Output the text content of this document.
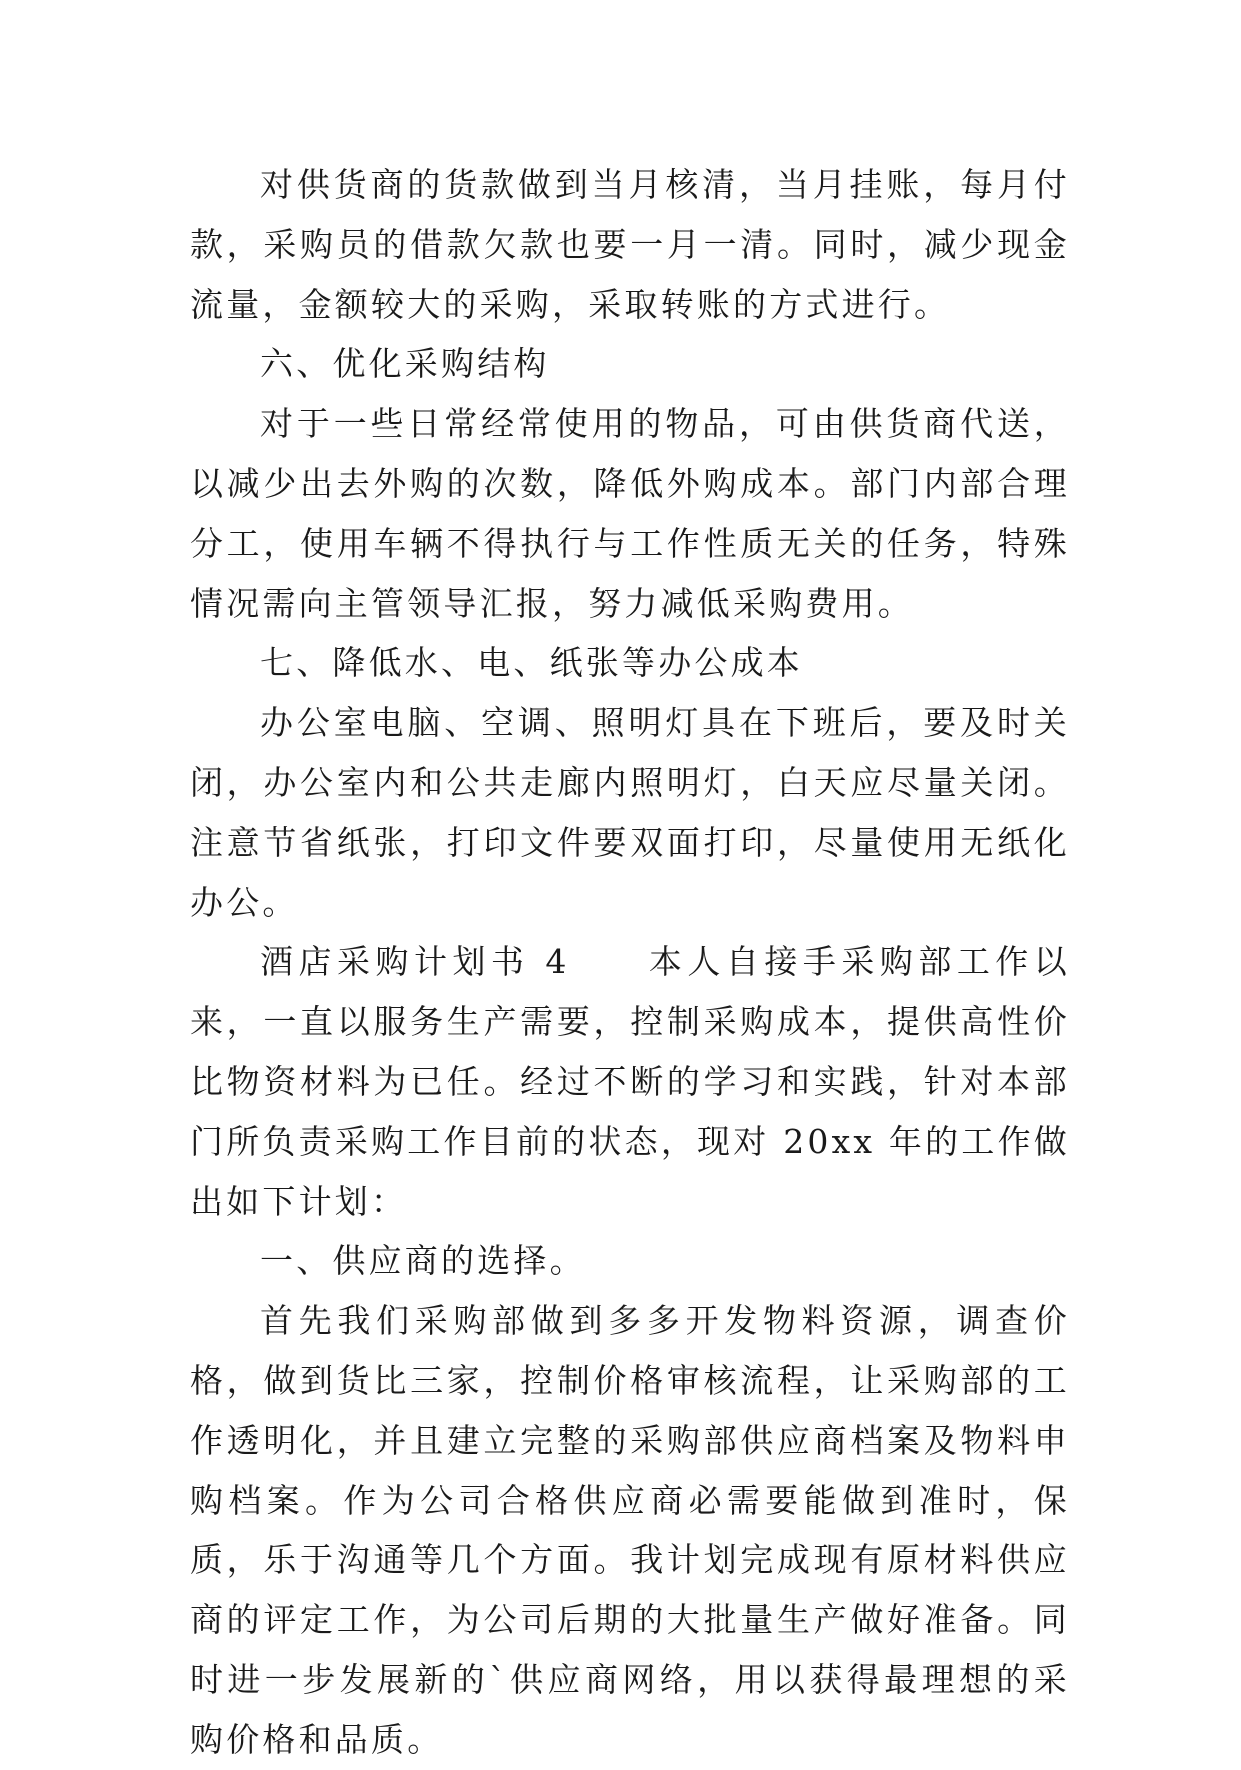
对供货商的货款做到当月核清，当月挂账，每月付款，采购员的借款欠款也要一月一清。同时，减少现金流量，金额较大的采购，采取转账的方式进行。

六、优化采购结构

对于一些日常经常使用的物品，可由供货商代送，以减少出去外购的次数，降低外购成本。部门内部合理分工，使用车辆不得执行与工作性质无关的任务，特殊情况需向主管领导汇报，努力减低采购费用。

七、降低水、电、纸张等办公成本

办公室电脑、空调、照明灯具在下班后，要及时关闭，办公室内和公共走廊内照明灯，白天应尽量关闭。注意节省纸张，打印文件要双面打印，尽量使用无纸化办公。

酒店采购计划书 4　　本人自接手采购部工作以来，一直以服务生产需要，控制采购成本，提供高性价比物资材料为已任。经过不断的学习和实践，针对本部门所负责采购工作目前的状态，现对 20xx 年的工作做出如下计划：

一、供应商的选择。

首先我们采购部做到多多开发物料资源，调查价格，做到货比三家，控制价格审核流程，让采购部的工作透明化，并且建立完整的采购部供应商档案及物料申购档案。作为公司合格供应商必需要能做到准时，保质，乐于沟通等几个方面。我计划完成现有原材料供应商的评定工作，为公司后期的大批量生产做好准备。同时进一步发展新的`供应商网络，用以获得最理想的采购价格和品质。
